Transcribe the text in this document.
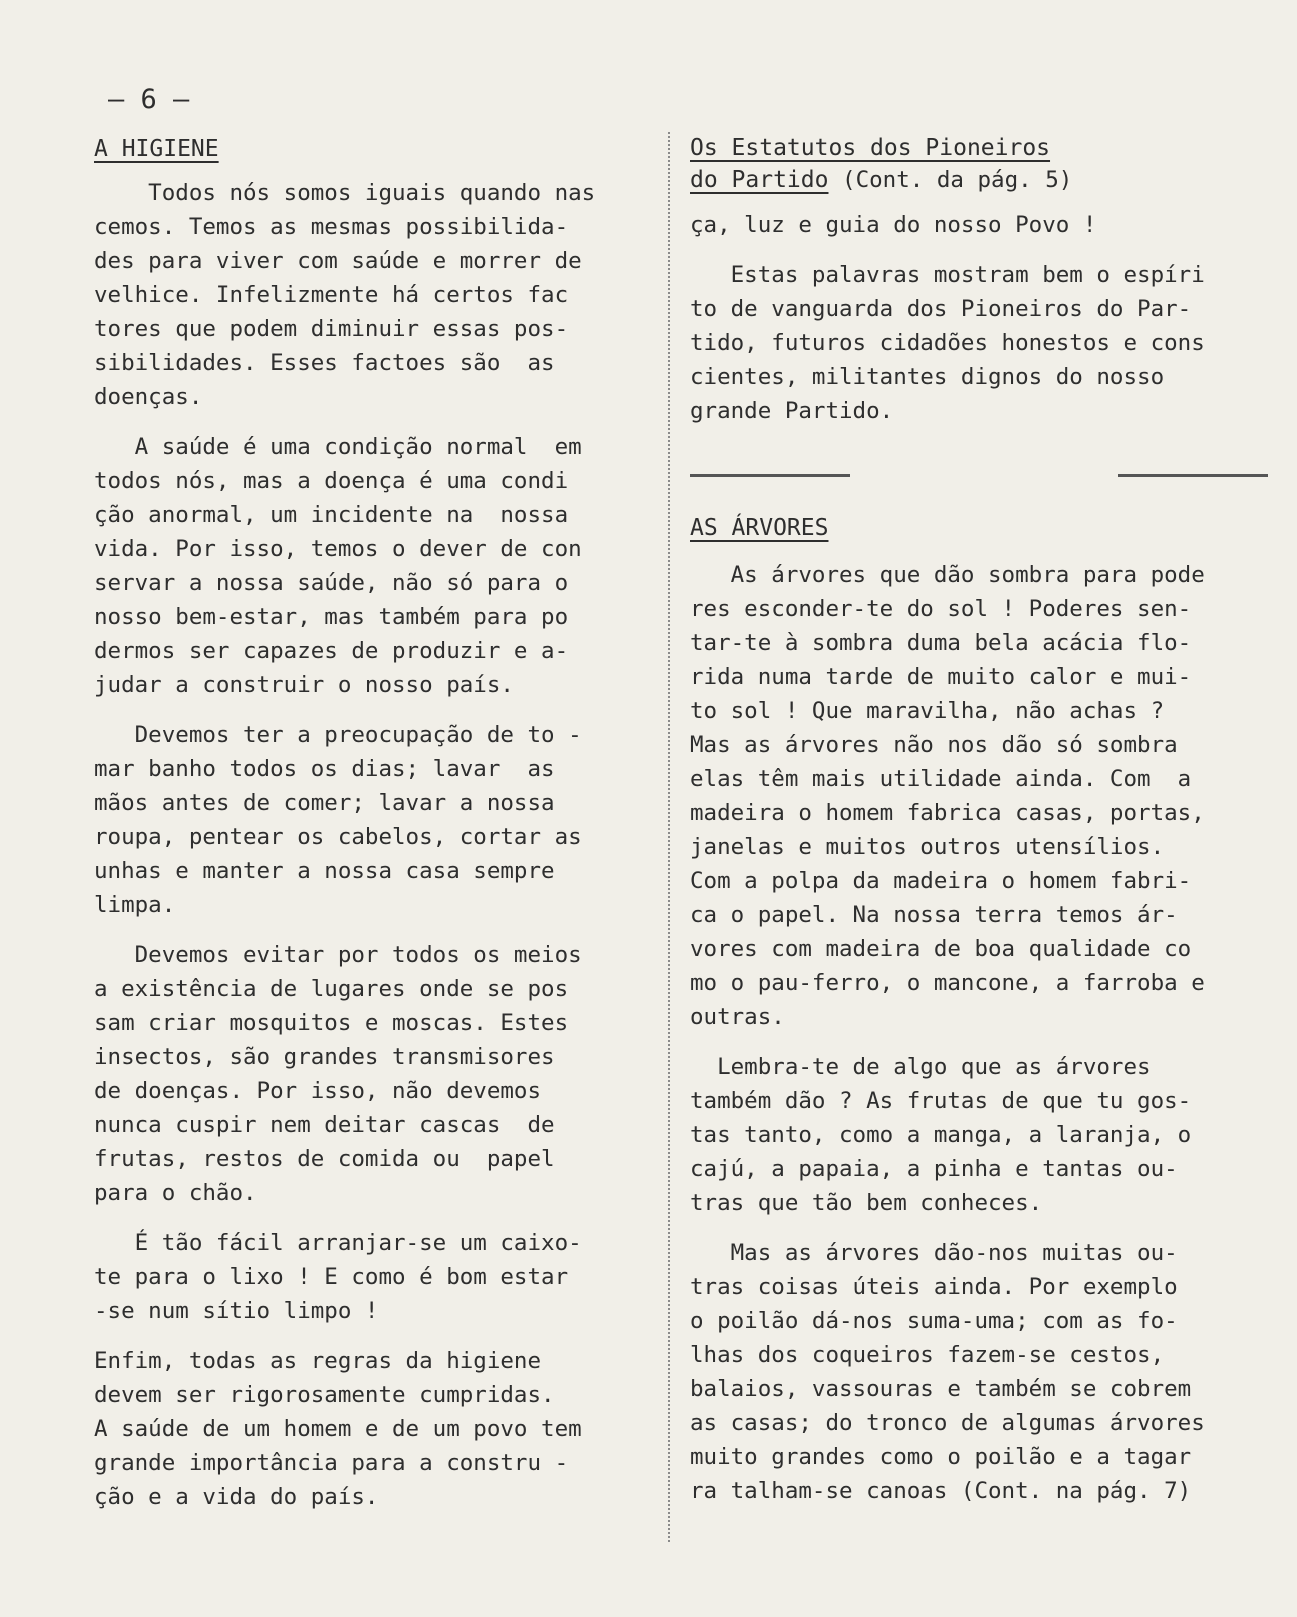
– 6 –
A HIGIENE

Todos nós somos iguais quando nas
cemos. Temos as mesmas possibilida-
des para viver com saúde e morrer de
velhice. Infelizmente há certos fac
tores que podem diminuir essas pos-
sibilidades. Esses factoes são  as
doenças.

A saúde é uma condição normal  em
todos nós, mas a doença é uma condi
ção anormal, um incidente na  nossa
vida. Por isso, temos o dever de con
servar a nossa saúde, não só para o
nosso bem-estar, mas também para po
dermos ser capazes de produzir e a-
judar a construir o nosso país.

Devemos ter a preocupação de to -
mar banho todos os dias; lavar  as
mãos antes de comer; lavar a nossa
roupa, pentear os cabelos, cortar as
unhas e manter a nossa casa sempre
limpa.

Devemos evitar por todos os meios
a existência de lugares onde se pos
sam criar mosquitos e moscas. Estes
insectos, são grandes transmisores
de doenças. Por isso, não devemos
nunca cuspir nem deitar cascas  de
frutas, restos de comida ou  papel
para o chão.

É tão fácil arranjar-se um caixo-
te para o lixo ! E como é bom estar
-se num sítio limpo !

Enfim, todas as regras da higiene
devem ser rigorosamente cumpridas.
A saúde de um homem e de um povo tem
grande importância para a constru -
ção e a vida do país.

Os Estatutos dos Pioneiros
do Partido (Cont. da pág. 5)

ça, luz e guia do nosso Povo !

Estas palavras mostram bem o espíri
to de vanguarda dos Pioneiros do Par-
tido, futuros cidadões honestos e cons
cientes, militantes dignos do nosso
grande Partido.

AS ÁRVORES

As árvores que dão sombra para pode
res esconder-te do sol ! Poderes sen-
tar-te à sombra duma bela acácia flo-
rida numa tarde de muito calor e mui-
to sol ! Que maravilha, não achas ?
Mas as árvores não nos dão só sombra
elas têm mais utilidade ainda. Com  a
madeira o homem fabrica casas, portas,
janelas e muitos outros utensílios.
Com a polpa da madeira o homem fabri-
ca o papel. Na nossa terra temos ár-
vores com madeira de boa qualidade co
mo o pau-ferro, o mancone, a farroba e
outras.

Lembra-te de algo que as árvores
também dão ? As frutas de que tu gos-
tas tanto, como a manga, a laranja, o
cajú, a papaia, a pinha e tantas ou-
tras que tão bem conheces.

Mas as árvores dão-nos muitas ou-
tras coisas úteis ainda. Por exemplo
o poilão dá-nos suma-uma; com as fo-
lhas dos coqueiros fazem-se cestos,
balaios, vassouras e também se cobrem
as casas; do tronco de algumas árvores
muito grandes como o poilão e a tagar
ra talham-se canoas (Cont. na pág. 7)
